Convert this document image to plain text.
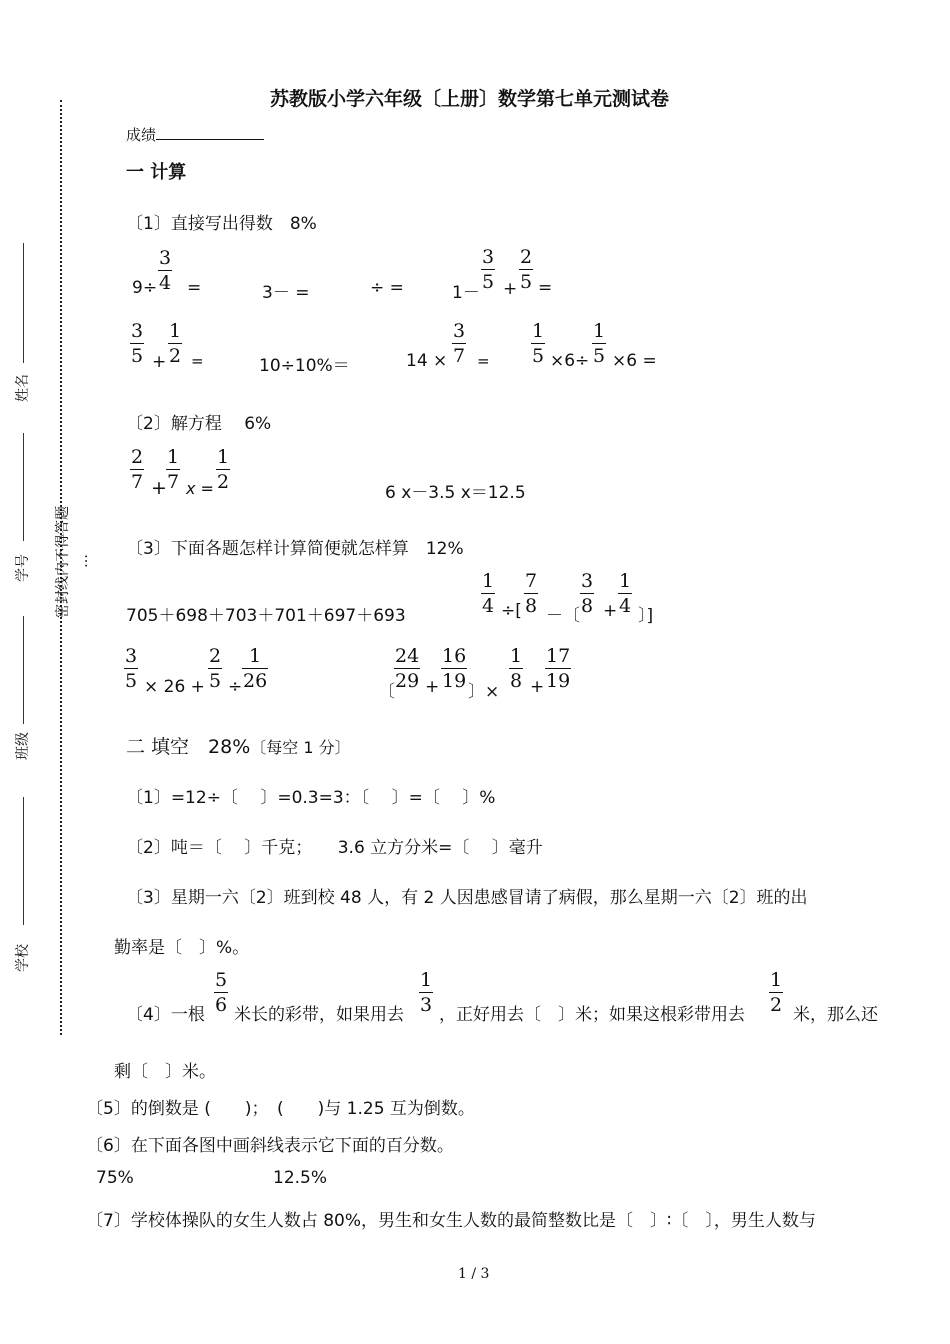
密封线内不得答题 …
姓名
学号
班级
学校
苏教版小学六年级〔上册〕数学第七单元测试卷
成绩
一 计算
〔1〕直接写出得数　8%
9÷
3
4 =	3－ =	÷ =	1－
3
5 +
2
5 =
3
5 +
1
2 =	10÷10%＝	14 ×
3
7 =
1
5 ×6÷
1
5 ×6 =
〔2〕解方程　 6%
2
7 +
1
7 x =
1
2	6 x－3.5 x＝12.5
〔3〕下面各题怎样计算简便就怎样算　12%
705＋698＋703＋701＋697＋693
1
4 ÷[
7
8 －〔
3
8 +
1
4 〕]
3
5 × 26 +
2
5 ÷
1
26	〔
24
29 +
16
19 〕×
1
8 +
17
19
二 填空　28%〔每空 1 分〕
〔1〕=12÷〔　 〕=0.3=3：〔　 〕=〔　 〕%
〔2〕吨＝〔　 〕千克；　　3.6 立方分米=〔　 〕毫升
〔3〕星期一六〔2〕班到校 48 人，有 2 人因患感冒请了病假，那么星期一六〔2〕班的出
勤率是〔　〕%。
〔4〕一根
5
6 米长的彩带，如果用去
1
3 ，正好用去〔　〕米；如果这根彩带用去
1
2 米，那么还
剩〔　〕米。
〔5〕的倒数是 (　　)；　(　　)与 1.25 互为倒数。
〔6〕在下面各图中画斜线表示它下面的百分数。
75%	12.5%
〔7〕学校体操队的女生人数占 80%，男生和女生人数的最简整数比是〔　〕∶〔　〕，男生人数与
1 / 3
